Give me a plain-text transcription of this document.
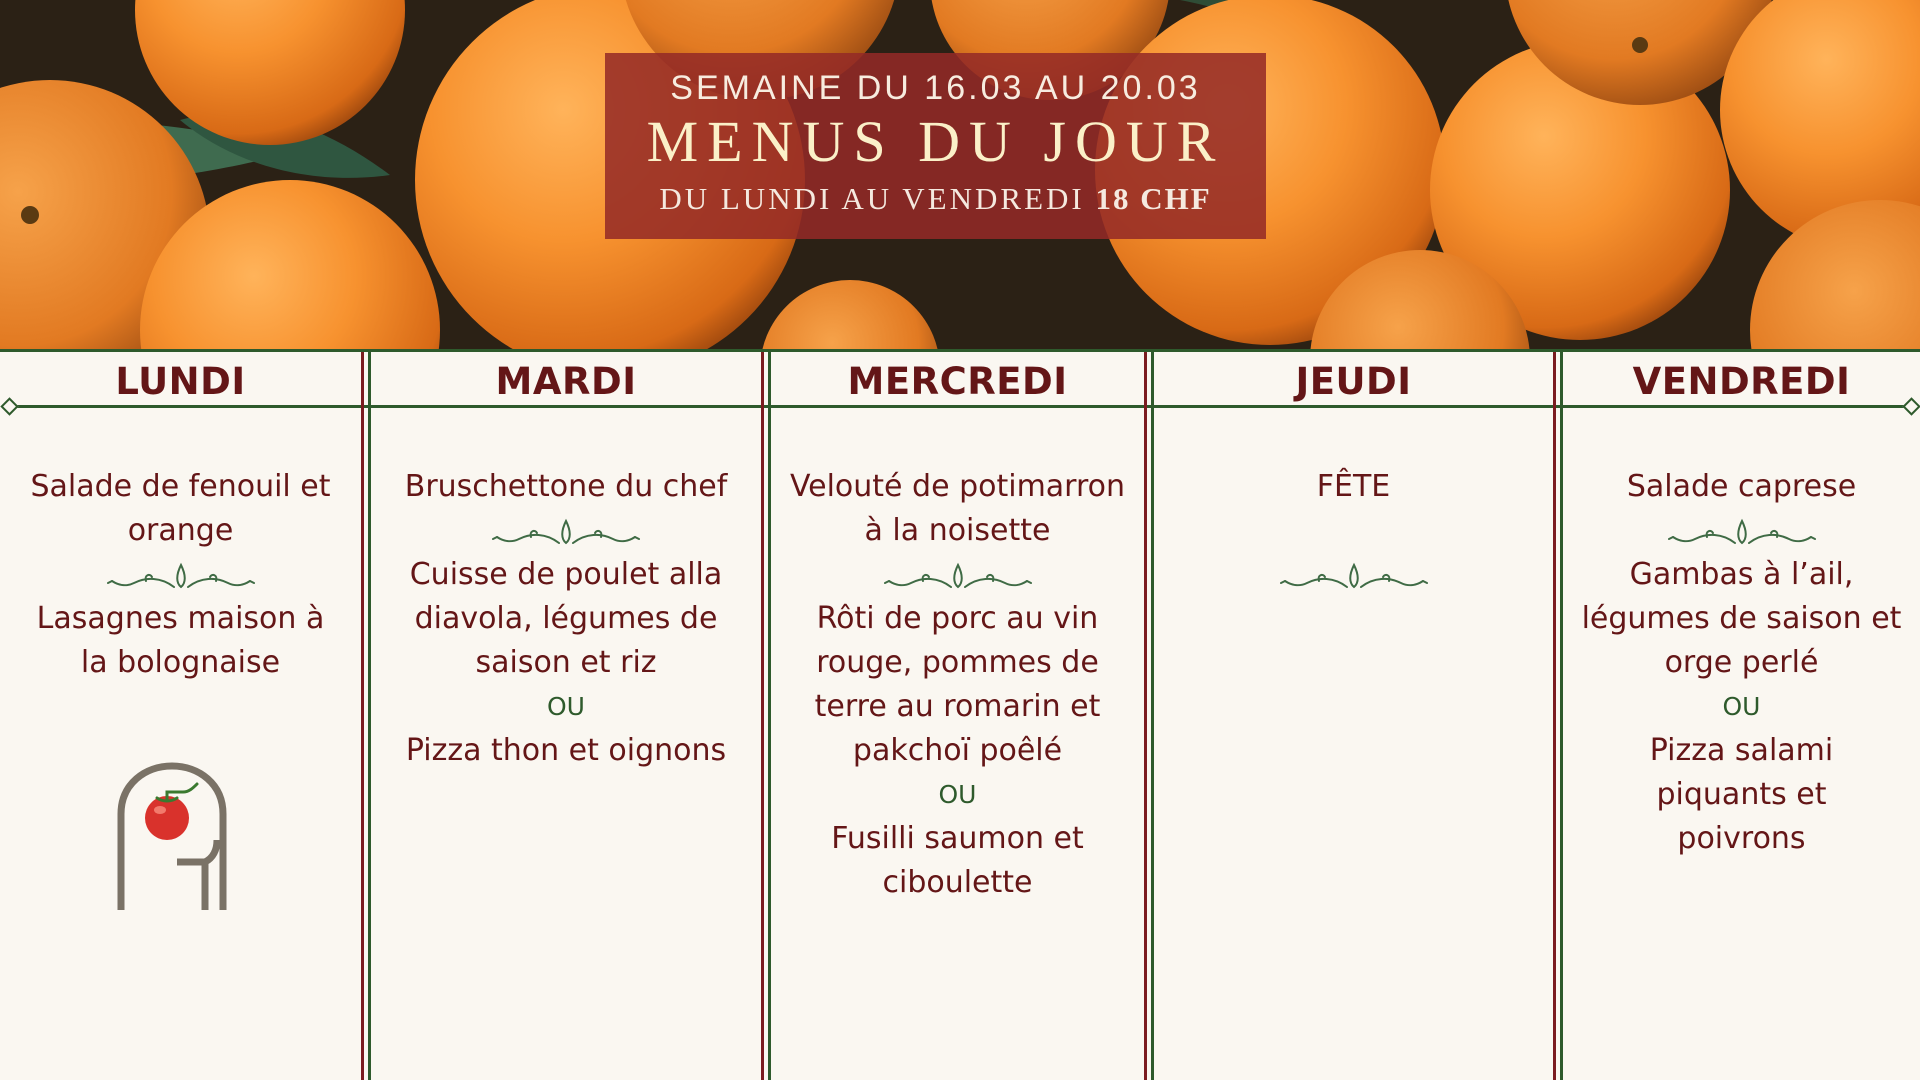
SEMAINE DU 16.03 AU 20.03
MENUS DU JOUR
DU LUNDI AU VENDREDI 18 CHF
LUNDI
Salade de fenouil et orange
Lasagnes maison à la bolognaise
MARDI
Bruschettone du chef
Cuisse de poulet alla diavola, légumes de saison et riz
OU
Pizza thon et oignons
MERCREDI
Velouté de potimarron à la noisette
Rôti de porc au vin rouge, pommes de terre au romarin et pakchoï poêlé
OU
Fusilli saumon et ciboulette
JEUDI
FÊTE
VENDREDI
Salade caprese
Gambas à l’ail, légumes de saison et orge perlé
OU
Pizza salami piquants et poivrons
